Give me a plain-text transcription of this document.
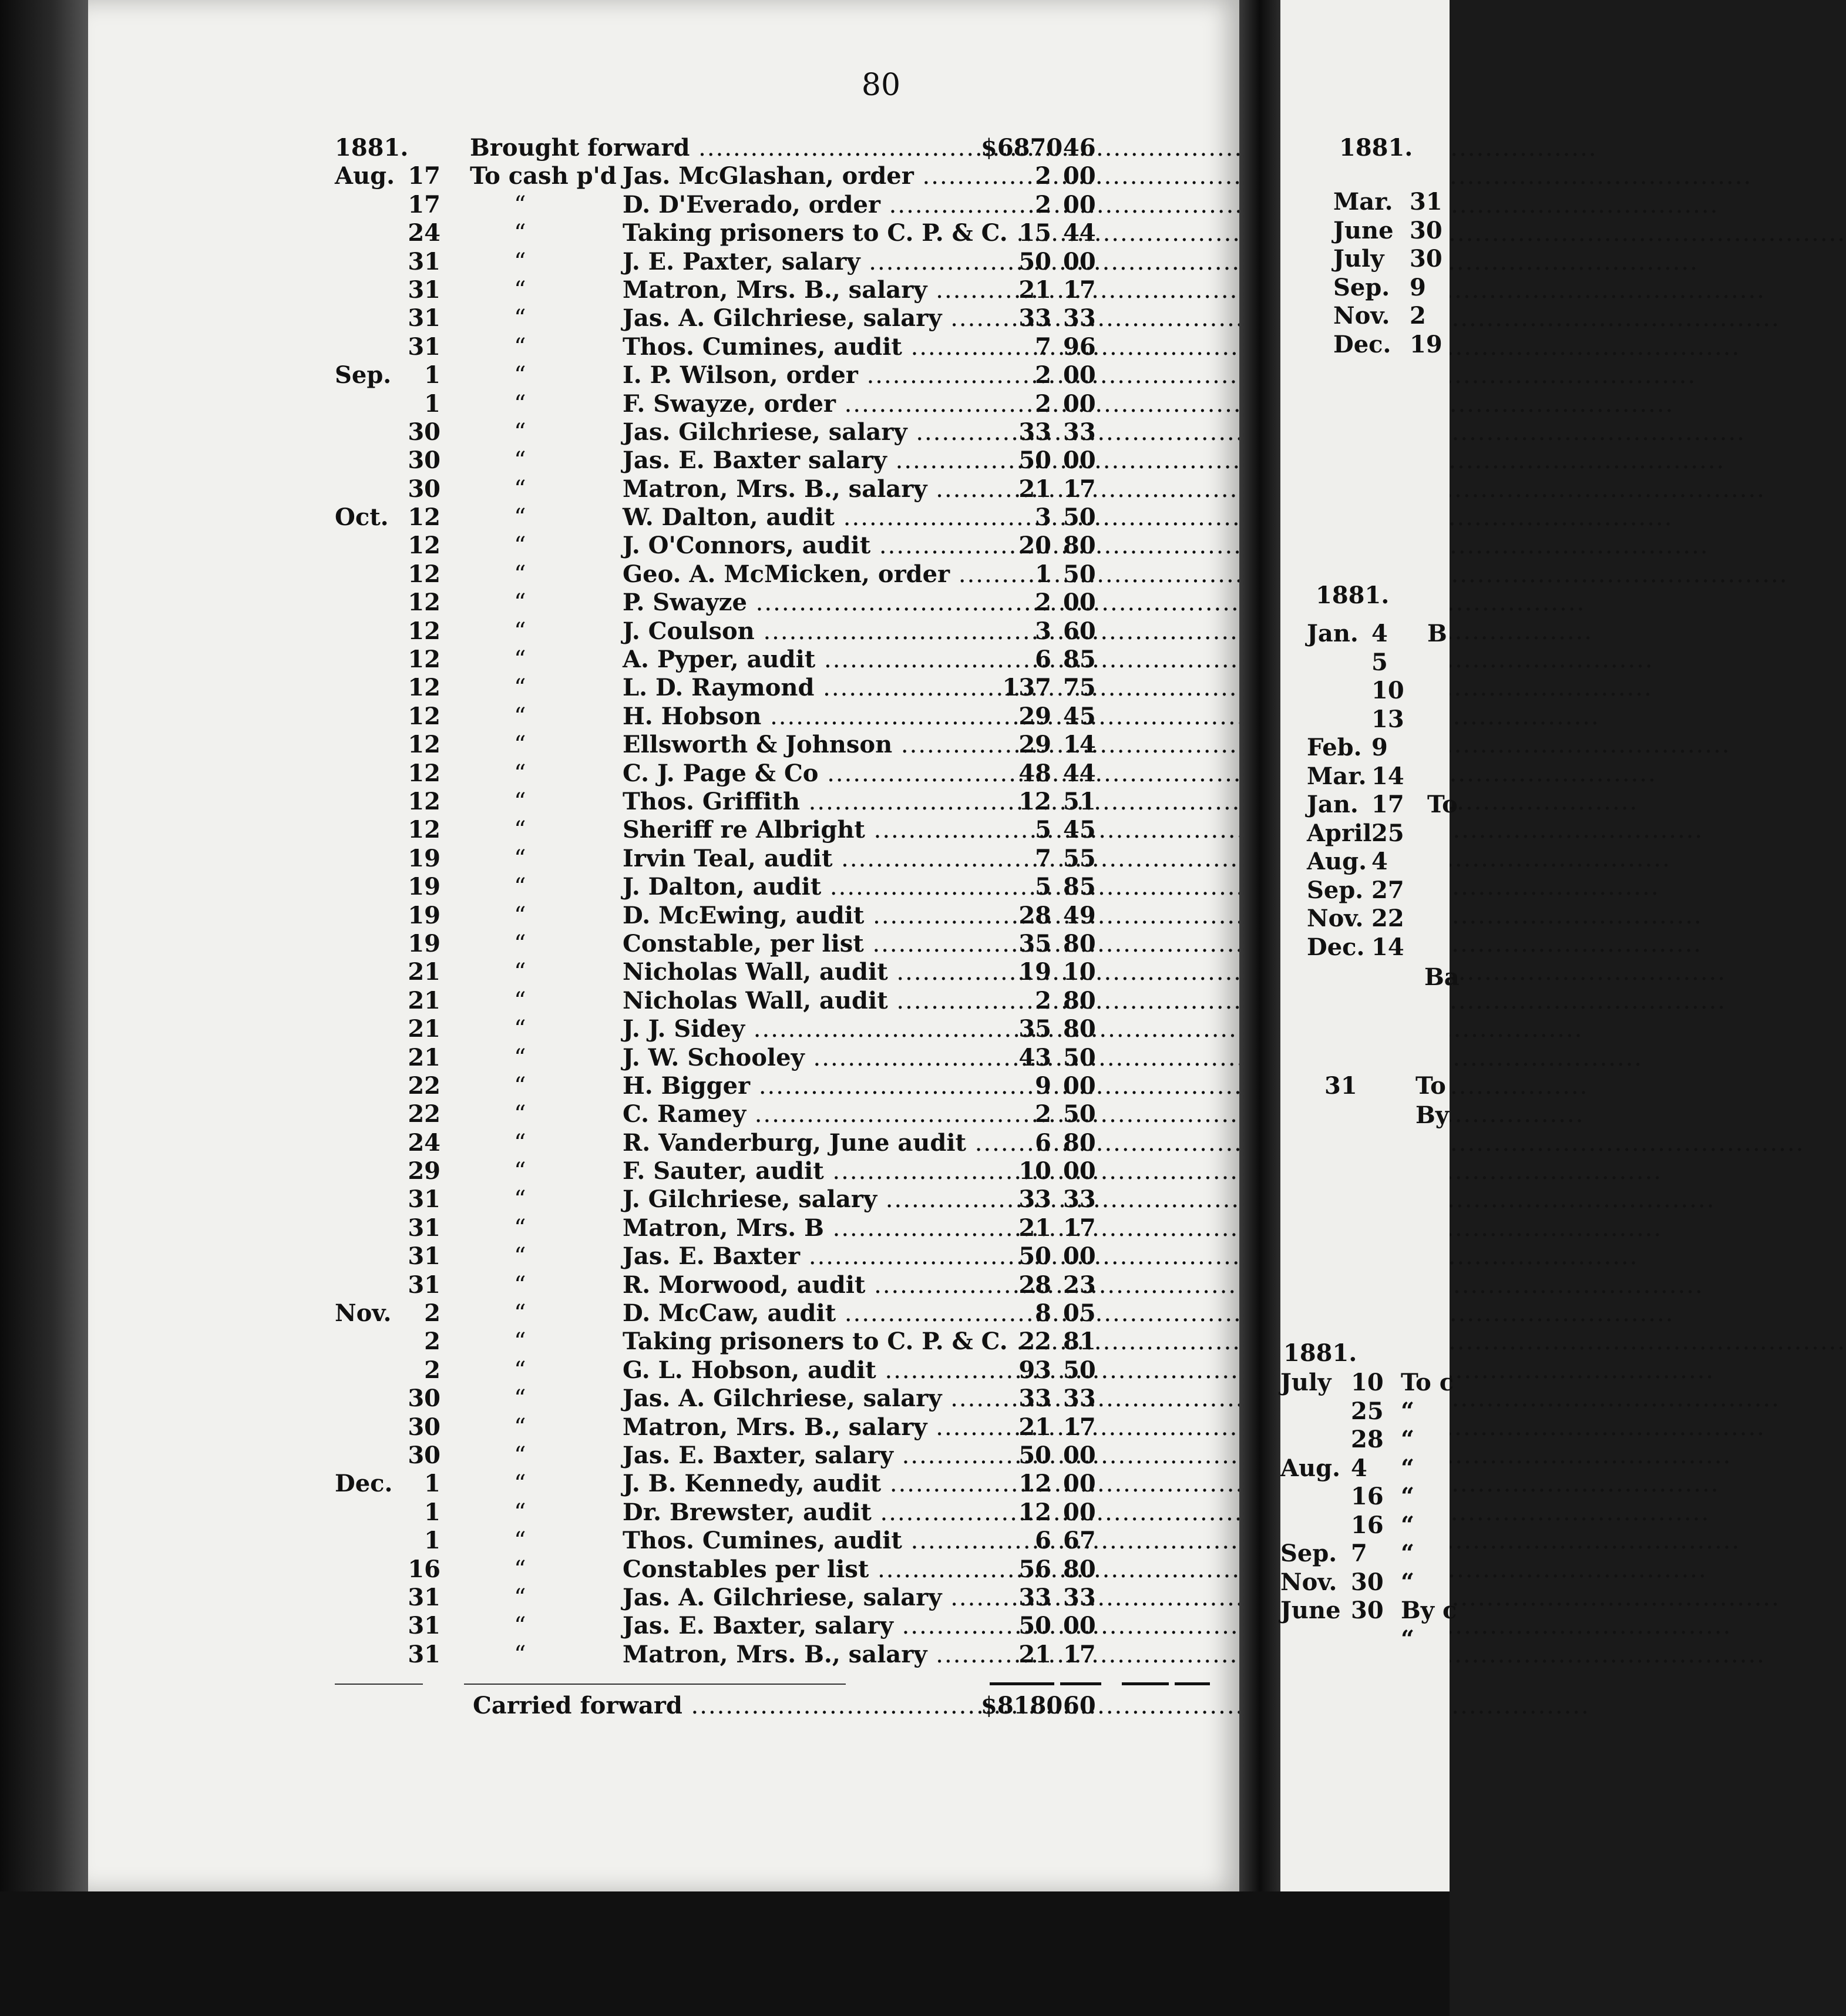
80
1881.	Brought forward .....	$6870 46
Aug. 17 To cash p'd Jas. McGlashan, order .....	2 00
17	“	D. D'Everado, order .....	2 00
24	“	Taking prisoners to C. P. & C. ..... 15 44
31	“	J. E. Paxter, salary .....	50 00
31	“	Matron, Mrs. B., salary .....	21 17
31	“	Jas. A. Gilchriese, salary .....	33 33
31	“	Thos. Cumines, audit .....	7 96
Sep.	1	“	I. P. Wilson, order .....	2 00
1	“	F. Swayze, order .....	2 00
30	“	Jas. Gilchriese, salary .....	33 33
30	“	Jas. E. Baxter salary .....	50 00
30	“	Matron, Mrs. B., salary .....	21 17
Oct. 12	“	W. Dalton, audit .....	3 50
12	“	J. O'Connors, audit .....	20 80
12	“	Geo. A. McMicken, order .....	1 50
12	“	P. Swayze .....	2 00
12	“	J. Coulson .....	3 60
12	“	A. Pyper, audit .....	6 85
12	“	L. D. Raymond .....	137 75
12	“	H. Hobson .....	29 45
12	“	Ellsworth & Johnson .....	29 14
12	“	C. J. Page & Co .....	48 44
12	“	Thos. Griffith .....	12 51
12	“	Sheriff re Albright .....	5 45
19	“	Irvin Teal, audit .....	7 55
19	“	J. Dalton, audit .....	5 85
19	“	D. McEwing, audit .....	28 49
19	“	Constable, per list .....	35 80
21	“	Nicholas Wall, audit .....	19 10
21	“	Nicholas Wall, audit .....	2 80
21	“	J. J. Sidey .....	35 80
21	“	J. W. Schooley .....	43 50
22	“	H. Bigger .....	9 00
22	“	C. Ramey .....	2 50
24	“	R. Vanderburg, June audit .....	6 80
29	“	F. Sauter, audit .....	10 00
31	“	J. Gilchriese, salary .....	33 33
31	“	Matron, Mrs. B .....	21 17
31	“	Jas. E. Baxter .....	50 00
31	“	R. Morwood, audit .....	28 23
Nov.	2	“	D. McCaw, audit .....	8 05
2	“	Taking prisoners to C. P. & C. ..... 22 81
2	“	G. L. Hobson, audit .....	93 50
30	“	Jas. A. Gilchriese, salary .....	33 33
30	“	Matron, Mrs. B., salary .....	21 17
30	“	Jas. E. Baxter, salary .....	50 00
Dec.	1	“	J. B. Kennedy, audit .....	12 00
1	“	Dr. Brewster, audit .....	12 00
1	“	Thos. Cumines, audit .....	6 67
16	“	Constables per list .....	56 80
31	“	Jas. A. Gilchriese, salary .....	33 33
31	“	Jas. E. Baxter, salary .....	50 00
31	“	Matron, Mrs. B., salary .....	21 17
Carried forward .....	$8180 60
1881.
Mar. 31
June 30
July 30
Sep. 9
Nov. 2
Dec. 19
1881.
Jan. 4 B
5
10
13
Feb. 9
Mar. 14
Jan. 17 To
April 25
Aug. 4
Sep. 27
Nov. 22
Dec. 14
Ba
31 To
By
1881.
July 10 To c
25 “
28 “
Aug. 4 “
16 “
16 “
Sep. 7 “
Nov. 30 “
June 30 By c
“
